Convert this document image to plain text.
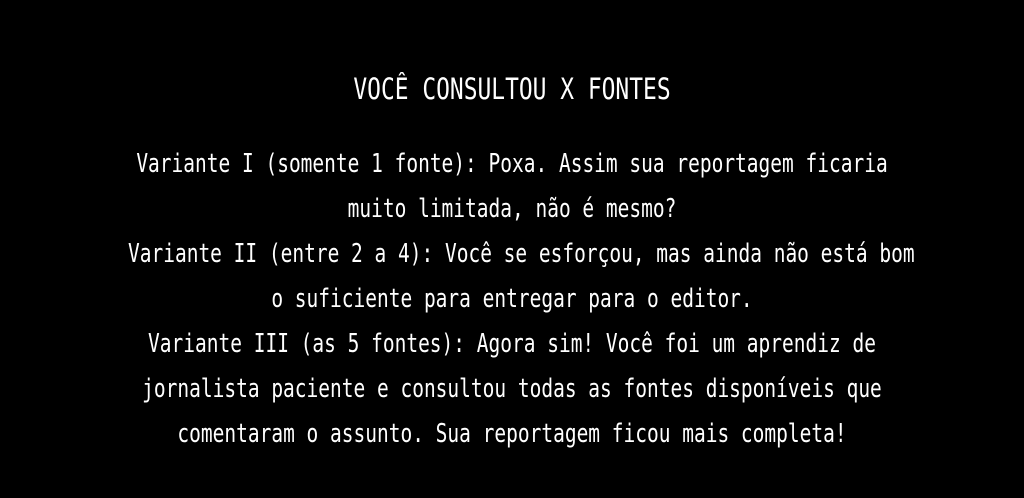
VOCÊ CONSULTOU X FONTES
Variante I (somente 1 fonte): Poxa. Assim sua reportagem ficaria
muito limitada, não é mesmo?
Variante II (entre 2 a 4): Você se esforçou, mas ainda não está bom
o suficiente para entregar para o editor.
Variante III (as 5 fontes): Agora sim! Você foi um aprendiz de
jornalista paciente e consultou todas as fontes disponíveis que
comentaram o assunto. Sua reportagem ficou mais completa!
